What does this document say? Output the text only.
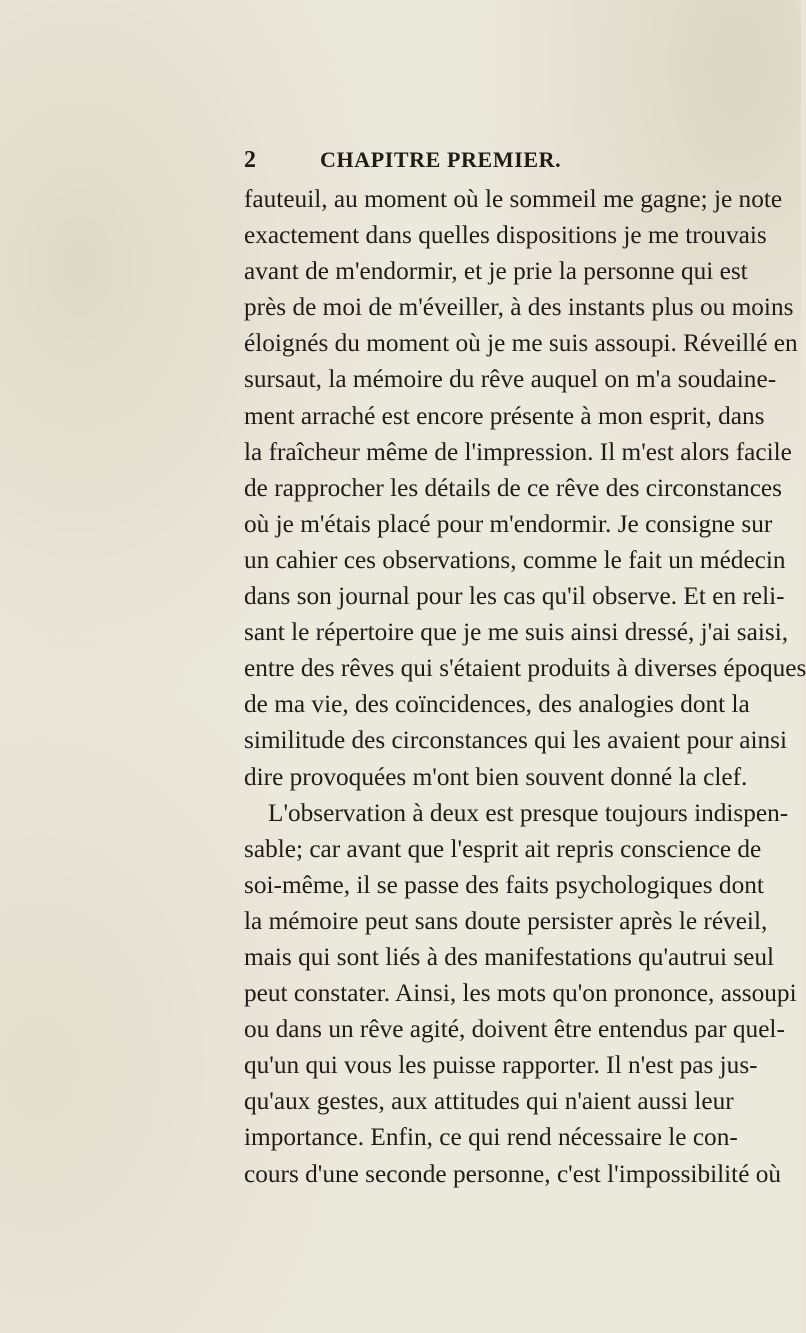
2	CHAPITRE PREMIER.
fauteuil, au moment où le sommeil me gagne; je note
exactement dans quelles dispositions je me trouvais
avant de m'endormir, et je prie la personne qui est
près de moi de m'éveiller, à des instants plus ou moins
éloignés du moment où je me suis assoupi. Réveillé en
sursaut, la mémoire du rêve auquel on m'a soudaine-
ment arraché est encore présente à mon esprit, dans
la fraîcheur même de l'impression. Il m'est alors facile
de rapprocher les détails de ce rêve des circonstances
où je m'étais placé pour m'endormir. Je consigne sur
un cahier ces observations, comme le fait un médecin
dans son journal pour les cas qu'il observe. Et en reli-
sant le répertoire que je me suis ainsi dressé, j'ai saisi,
entre des rêves qui s'étaient produits à diverses époques
de ma vie, des coïncidences, des analogies dont la
similitude des circonstances qui les avaient pour ainsi
dire provoquées m'ont bien souvent donné la clef.
L'observation à deux est presque toujours indispen-
sable; car avant que l'esprit ait repris conscience de
soi-même, il se passe des faits psychologiques dont
la mémoire peut sans doute persister après le réveil,
mais qui sont liés à des manifestations qu'autrui seul
peut constater. Ainsi, les mots qu'on prononce, assoupi
ou dans un rêve agité, doivent être entendus par quel-
qu'un qui vous les puisse rapporter. Il n'est pas jus-
qu'aux gestes, aux attitudes qui n'aient aussi leur
importance. Enfin, ce qui rend nécessaire le con-
cours d'une seconde personne, c'est l'impossibilité où
